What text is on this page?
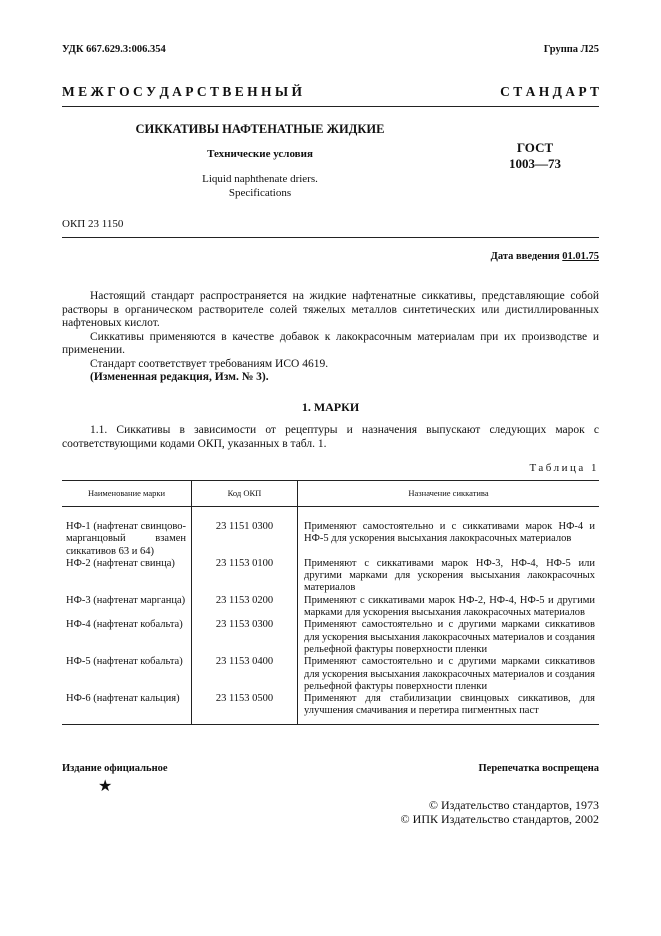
УДК 667.629.3:006.354	Группа Л25
М Е Ж Г О С У Д А Р С Т В Е Н Н Ы Й	С Т А Н Д А Р Т
СИККАТИВЫ НАФТЕНАТНЫЕ ЖИДКИЕ
Технические условия
Liquid naphthenate driers.
Specifications
ГОСТ
1003—73
ОКП 23 1150
Дата введения 01.01.75

Настоящий стандарт распространяется на жидкие нафтенатные сиккативы, представляющие собой растворы в органическом растворителе солей тяжелых металлов синтетических или дистиллированных нафтеновых кислот.

Сиккативы применяются в качестве добавок к лакокрасочным материалам при их производстве и применении.

Стандарт соответствует требованиям ИСО 4619.

(Измененная редакция, Изм. № 3).

1. МАРКИ

1.1. Сиккативы в зависимости от рецептуры и назначения выпускают следующих марок с соответствующими кодами ОКП, указанных в табл. 1.

Таблица 1
Наименование марки	Код ОКП	Назначение сиккатива
НФ-1 (нафтенат свинцово-марганцовый взамен сиккативов 63 и 64)	23 1151 0300	Применяют самостоятельно и с сиккативами марок НФ-4 и НФ-5 для ускорения высыхания лакокрасочных материалов
НФ-2 (нафтенат свинца)	23 1153 0100	Применяют с сиккативами марок НФ-3, НФ-4, НФ-5 или другими марками для ускорения высыхания лакокрасочных материалов
НФ-3 (нафтенат марганца)	23 1153 0200	Применяют с сиккативами марок НФ-2, НФ-4, НФ-5 и другими марками для ускорения высыхания лакокрасочных материалов
НФ-4 (нафтенат кобальта)	23 1153 0300	Применяют самостоятельно и с другими марками сиккативов для ускорения высыхания лакокрасочных материалов и создания рельефной фактуры поверхности пленки
НФ-5 (нафтенат кобальта)	23 1153 0400	Применяют самостоятельно и с другими марками сиккативов для ускорения высыхания лакокрасочных материалов и создания рельефной фактуры поверхности пленки
НФ-6 (нафтенат кальция)	23 1153 0500	Применяют для стабилизации свинцовых сиккативов, для улучшения смачивания и перетира пигментных паст
Издание официальное	Перепечатка воспрещена
★
© Издательство стандартов, 1973
© ИПК Издательство стандартов, 2002
